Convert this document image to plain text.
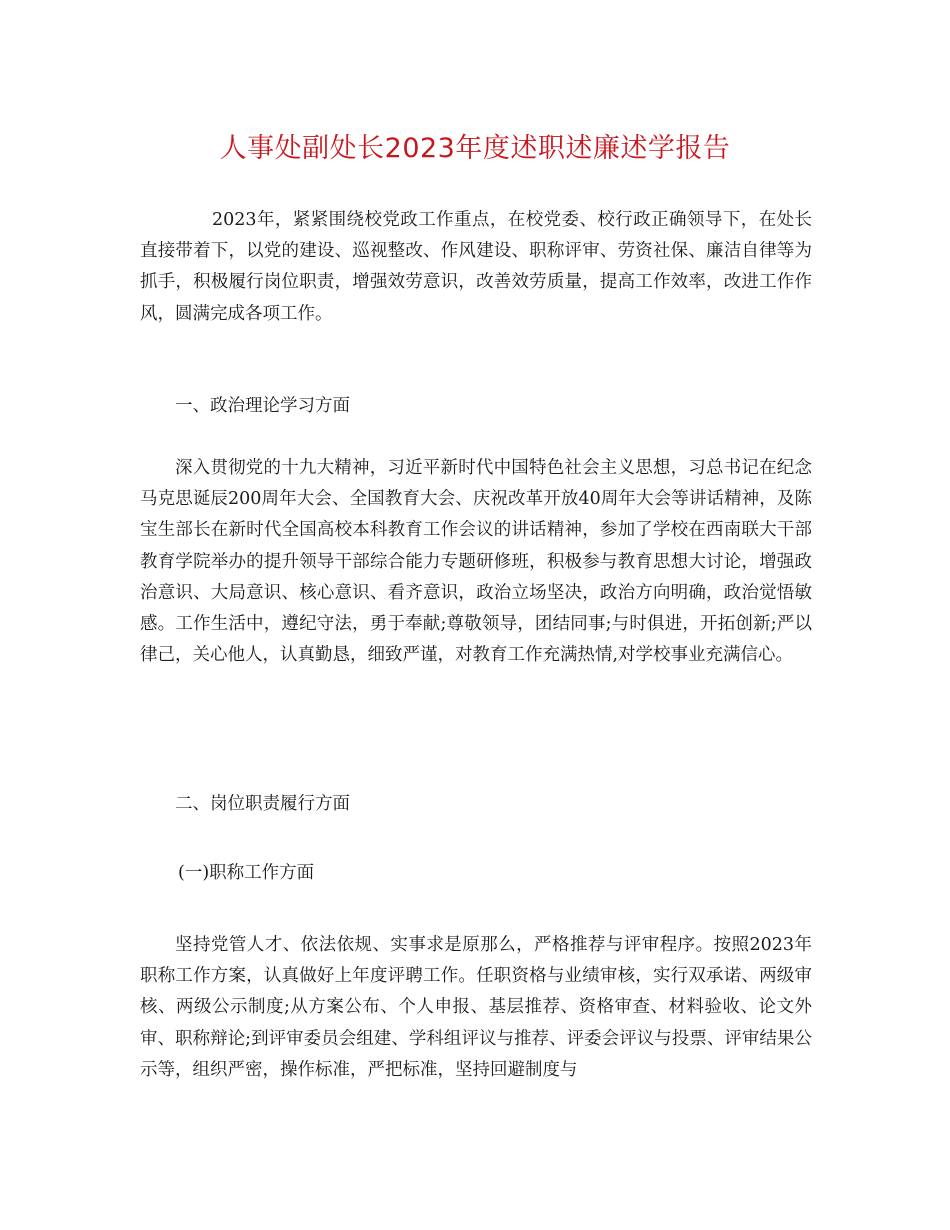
人事处副处长2023年度述职述廉述学报告

2023年，紧紧围绕校党政工作重点，在校党委、校行政正确领导下，在处长直接带着下，以党的建设、巡视整改、作风建设、职称评审、劳资社保、廉洁自律等为抓手，积极履行岗位职责，增强效劳意识，改善效劳质量，提高工作效率，改进工作作风，圆满完成各项工作。

一、政治理论学习方面

深入贯彻党的十九大精神，习近平新时代中国特色社会主义思想，习总书记在纪念马克思诞辰200周年大会、全国教育大会、庆祝改革开放40周年大会等讲话精神，及陈宝生部长在新时代全国高校本科教育工作会议的讲话精神，参加了学校在西南联大干部教育学院举办的提升领导干部综合能力专题研修班，积极参与教育思想大讨论，增强政治意识、大局意识、核心意识、看齐意识，政治立场坚决，政治方向明确，政治觉悟敏感。工作生活中，遵纪守法，勇于奉献;尊敬领导，团结同事;与时俱进，开拓创新;严以律己，关心他人，认真勤恳，细致严谨，对教育工作充满热情,对学校事业充满信心。

二、岗位职责履行方面

(一)职称工作方面

坚持党管人才、依法依规、实事求是原那么，严格推荐与评审程序。按照2023年职称工作方案，认真做好上年度评聘工作。任职资格与业绩审核，实行双承诺、两级审核、两级公示制度;从方案公布、个人申报、基层推荐、资格审查、材料验收、论文外审、职称辩论;到评审委员会组建、学科组评议与推荐、评委会评议与投票、评审结果公示等，组织严密，操作标准，严把标准，坚持回避制度与
